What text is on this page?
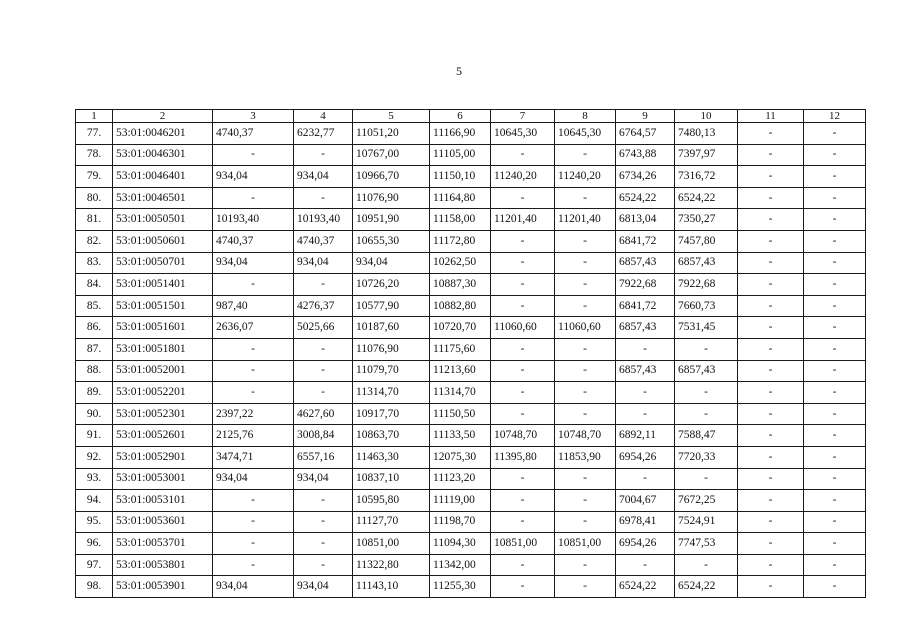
5
1	2	3	4	5	6	7	8	9	10	11	12
77.	53:01:0046201	4740,37	6232,77	11051,20	11166,90	10645,30	10645,30	6764,57	7480,13	-	-
78.	53:01:0046301	-	-	10767,00	11105,00	-	-	6743,88	7397,97	-	-
79.	53:01:0046401	934,04	934,04	10966,70	11150,10	11240,20	11240,20	6734,26	7316,72	-	-
80.	53:01:0046501	-	-	11076,90	11164,80	-	-	6524,22	6524,22	-	-
81.	53:01:0050501	10193,40	10193,40	10951,90	11158,00	11201,40	11201,40	6813,04	7350,27	-	-
82.	53:01:0050601	4740,37	4740,37	10655,30	11172,80	-	-	6841,72	7457,80	-	-
83.	53:01:0050701	934,04	934,04	934,04	10262,50	-	-	6857,43	6857,43	-	-
84.	53:01:0051401	-	-	10726,20	10887,30	-	-	7922,68	7922,68	-	-
85.	53:01:0051501	987,40	4276,37	10577,90	10882,80	-	-	6841,72	7660,73	-	-
86.	53:01:0051601	2636,07	5025,66	10187,60	10720,70	11060,60	11060,60	6857,43	7531,45	-	-
87.	53:01:0051801	-	-	11076,90	11175,60	-	-	-	-	-	-
88.	53:01:0052001	-	-	11079,70	11213,60	-	-	6857,43	6857,43	-	-
89.	53:01:0052201	-	-	11314,70	11314,70	-	-	-	-	-	-
90.	53:01:0052301	2397,22	4627,60	10917,70	11150,50	-	-	-	-	-	-
91.	53:01:0052601	2125,76	3008,84	10863,70	11133,50	10748,70	10748,70	6892,11	7588,47	-	-
92.	53:01:0052901	3474,71	6557,16	11463,30	12075,30	11395,80	11853,90	6954,26	7720,33	-	-
93.	53:01:0053001	934,04	934,04	10837,10	11123,20	-	-	-	-	-	-
94.	53:01:0053101	-	-	10595,80	11119,00	-	-	7004,67	7672,25	-	-
95.	53:01:0053601	-	-	11127,70	11198,70	-	-	6978,41	7524,91	-	-
96.	53:01:0053701	-	-	10851,00	11094,30	10851,00	10851,00	6954,26	7747,53	-	-
97.	53:01:0053801	-	-	11322,80	11342,00	-	-	-	-	-	-
98.	53:01:0053901	934,04	934,04	11143,10	11255,30	-	-	6524,22	6524,22	-	-
